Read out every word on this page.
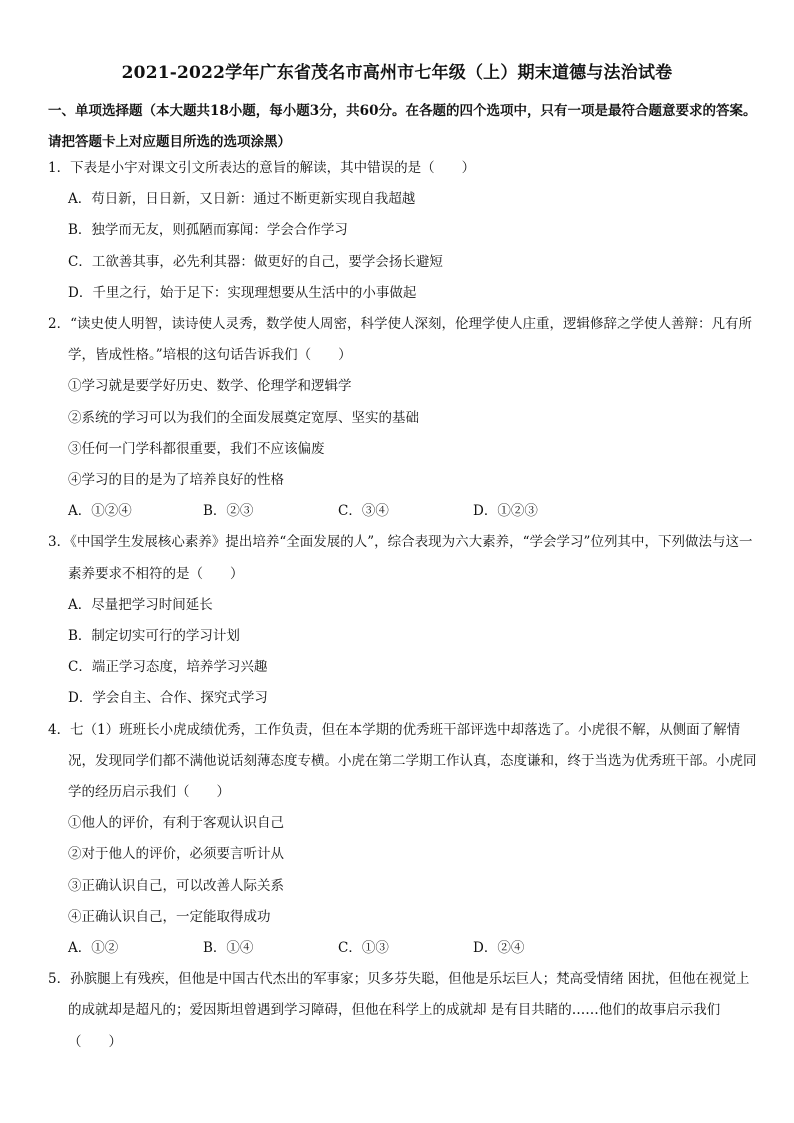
2021-2022学年广东省茂名市高州市七年级（上）期末道德与法治试卷
一、单项选择题（本大题共18小题，每小题3分，共60分。在各题的四个选项中，只有一项是最符合题意要求的答案。请把答题卡上对应题目所选的选项涂黑）
1．下表是小宇对课文引文所表达的意旨的解读，其中错误的是（　　）
A．苟日新，日日新，又日新：通过不断更新实现自我超越
B．独学而无友，则孤陋而寡闻：学会合作学习
C．工欲善其事，必先利其器：做更好的自己，要学会扬长避短
D．千里之行，始于足下：实现理想要从生活中的小事做起
2．“读史使人明智，读诗使人灵秀，数学使人周密，科学使人深刻，伦理学使人庄重，逻辑修辞之学使人善辩：凡有所学，皆成性格。”培根的这句话告诉我们（　　）
①学习就是要学好历史、数学、伦理学和逻辑学
②系统的学习可以为我们的全面发展奠定宽厚、坚实的基础
③任何一门学科都很重要，我们不应该偏废
④学习的目的是为了培养良好的性格
A．①②④	B．②③	C．③④	D．①②③
3．《中国学生发展核心素养》提出培养“全面发展的人”，综合表现为六大素养，“学会学习”位列其中，下列做法与这一素养要求不相符的是（　　）
A．尽量把学习时间延长
B．制定切实可行的学习计划
C．端正学习态度，培养学习兴趣
D．学会自主、合作、探究式学习
4．七（1）班班长小虎成绩优秀，工作负责，但在本学期的优秀班干部评选中却落选了。小虎很不解，从侧面了解情况，发现同学们都不满他说话刻薄态度专横。小虎在第二学期工作认真，态度谦和，终于当选为优秀班干部。小虎同学的经历启示我们（　　）
①他人的评价，有利于客观认识自己
②对于他人的评价，必须要言听计从
③正确认识自己，可以改善人际关系
④正确认识自己，一定能取得成功
A．①②	B．①④	C．①③	D．②④
5．孙膑腿上有残疾，但他是中国古代杰出的军事家；贝多芬失聪，但他是乐坛巨人；梵高受情绪 困扰，但他在视觉上的成就却是超凡的；爱因斯坦曾遇到学习障碍，但他在科学上的成就却 是有目共睹的……他们的故事启示我们（　　）
